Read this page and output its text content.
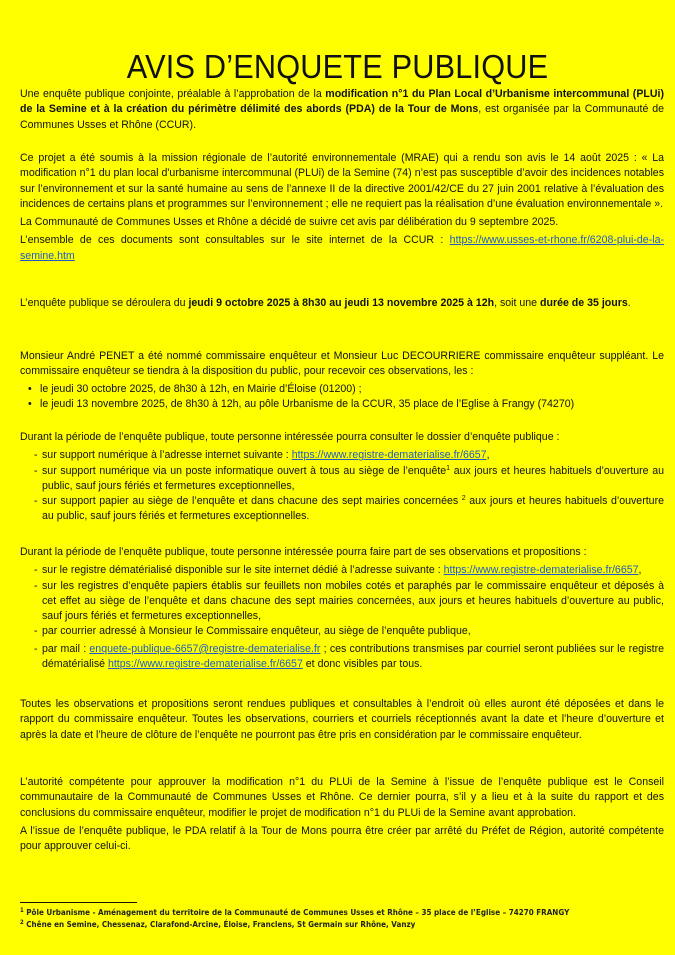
AVIS D’ENQUETE PUBLIQUE

Une enquête publique conjointe, préalable à l’approbation de la modification n°1 du Plan Local d’Urbanisme intercommunal (PLUi) de la Semine et à la création du périmètre délimité des abords (PDA) de la Tour de Mons, est organisée par la Communauté de Communes Usses et Rhône (CCUR).

Ce projet a été soumis à la mission régionale de l’autorité environnementale (MRAE) qui a rendu son avis le 14 août 2025 : « La modification n°1 du plan local d'urbanisme intercommunal (PLUi) de la Semine (74) n’est pas susceptible d’avoir des incidences notables sur l’environnement et sur la santé humaine au sens de l’annexe II de la directive 2001/42/CE du 27 juin 2001 relative à l’évaluation des incidences de certains plans et programmes sur l’environnement ; elle ne requiert pas la réalisation d’une évaluation environnementale ».

La Communauté de Communes Usses et Rhône a décidé de suivre cet avis par délibération du 9 septembre 2025.

L’ensemble de ces documents sont consultables sur le site internet de la CCUR : https://www.usses-et-rhone.fr/6208-plui-de-la-semine.htm

L’enquête publique se déroulera du jeudi 9 octobre 2025 à 8h30 au jeudi 13 novembre 2025 à 12h, soit une durée de 35 jours.

Monsieur André PENET a été nommé commissaire enquêteur et Monsieur Luc DECOURRIERE commissaire enquêteur suppléant. Le commissaire enquêteur se tiendra à la disposition du public, pour recevoir ces observations, les :

• le jeudi 30 octobre 2025, de 8h30 à 12h, en Mairie d’Éloise (01200) ;
• le jeudi 13 novembre 2025, de 8h30 à 12h, au pôle Urbanisme de la CCUR, 35 place de l’Eglise à Frangy (74270)

Durant la période de l’enquête publique, toute personne intéressée pourra consulter le dossier d’enquête publique :

- sur support numérique à l’adresse internet suivante : https://www.registre-dematerialise.fr/6657,
- sur support numérique via un poste informatique ouvert à tous au siège de l’enquête$^1$ aux jours et heures habituels d’ouverture au public, sauf jours fériés et fermetures exceptionnelles,
- sur support papier au siège de l’enquête et dans chacune des sept mairies concernées $^2$ aux jours et heures habituels d’ouverture au public, sauf jours fériés et fermetures exceptionnelles.

Durant la période de l’enquête publique, toute personne intéressée pourra faire part de ses observations et propositions :

- sur le registre dématérialisé disponible sur le site internet dédié à l’adresse suivante : https://www.registre-dematerialise.fr/6657,
- sur les registres d’enquête papiers établis sur feuillets non mobiles cotés et paraphés par le commissaire enquêteur et déposés à cet effet au siège de l’enquête et dans chacune des sept mairies concernées, aux jours et heures habituels d’ouverture au public, sauf jours fériés et fermetures exceptionnelles,
- par courrier adressé à Monsieur le Commissaire enquêteur, au siège de l’enquête publique,
- par mail : enquete-publique-6657@registre-dematerialise.fr ; ces contributions transmises par courriel seront publiées sur le registre dématérialisé https://www.registre-dematerialise.fr/6657 et donc visibles par tous.

Toutes les observations et propositions seront rendues publiques et consultables à l’endroit où elles auront été déposées et dans le rapport du commissaire enquêteur. Toutes les observations, courriers et courriels réceptionnés avant la date et l’heure d’ouverture et après la date et l’heure de clôture de l’enquête ne pourront pas être pris en considération par le commissaire enquêteur.

L’autorité compétente pour approuver la modification n°1 du PLUi de la Semine à l’issue de l’enquête publique est le Conseil communautaire de la Communauté de Communes Usses et Rhône. Ce dernier pourra, s’il y a lieu et à la suite du rapport et des conclusions du commissaire enquêteur, modifier le projet de modification n°1 du PLUi de la Semine avant approbation.

A l’issue de l’enquête publique, le PDA relatif à la Tour de Mons pourra être créer par arrêté du Préfet de Région, autorité compétente pour approuver celui-ci.

$^1$ Pôle Urbanisme - Aménagement du territoire de la Communauté de Communes Usses et Rhône – 35 place de l’Eglise – 74270 FRANGY
$^2$ Chêne en Semine, Chessenaz, Clarafond-Arcine, Éloise, Franclens, St Germain sur Rhône, Vanzy
